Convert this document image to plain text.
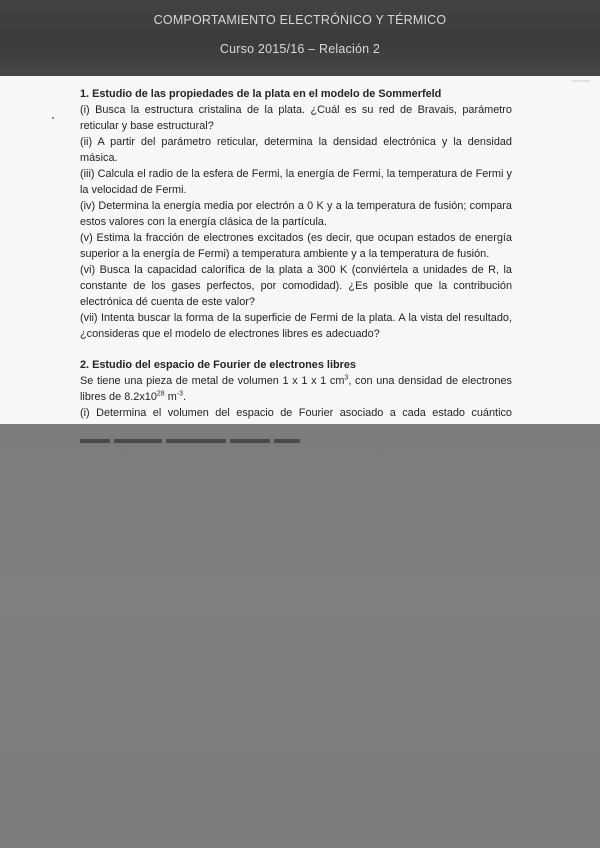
COMPORTAMIENTO ELECTRÓNICO Y TÉRMICO
Curso 2015/16 – Relación 2

1. Estudio de las propiedades de la plata en el modelo de Sommerfeld

(i) Busca la estructura cristalina de la plata. ¿Cuál es su red de Bravais, parámetro reticular y base estructural?

(ii) A partir del parámetro reticular, determina la densidad electrónica y la densidad másica.

(iii) Calcula el radio de la esfera de Fermi, la energía de Fermi, la temperatura de Fermi y la velocidad de Fermi.

(iv) Determina la energía media por electrón a 0 K y a la temperatura de fusión; compara estos valores con la energía clásica de la partícula.

(v) Estima la fracción de electrones excitados (es decir, que ocupan estados de energía superior a la energía de Fermi) a temperatura ambiente y a la temperatura de fusión.

(vi) Busca la capacidad calorífica de la plata a 300 K (conviértela a unidades de R, la constante de los gases perfectos, por comodidad). ¿Es posible que la contribución electrónica dé cuenta de este valor?

(vii) Intenta buscar la forma de la superficie de Fermi de la plata. A la vista del resultado, ¿consideras que el modelo de electrones libres es adecuado?

2. Estudio del espacio de Fourier de electrones libres

Se tiene una pieza de metal de volumen 1 x 1 x 1 $cm^3$, con una densidad de electrones libres de $8.2x10^{28}$ $m^{-3}$.

(i) Determina el volumen del espacio de Fourier asociado a cada estado cuántico
